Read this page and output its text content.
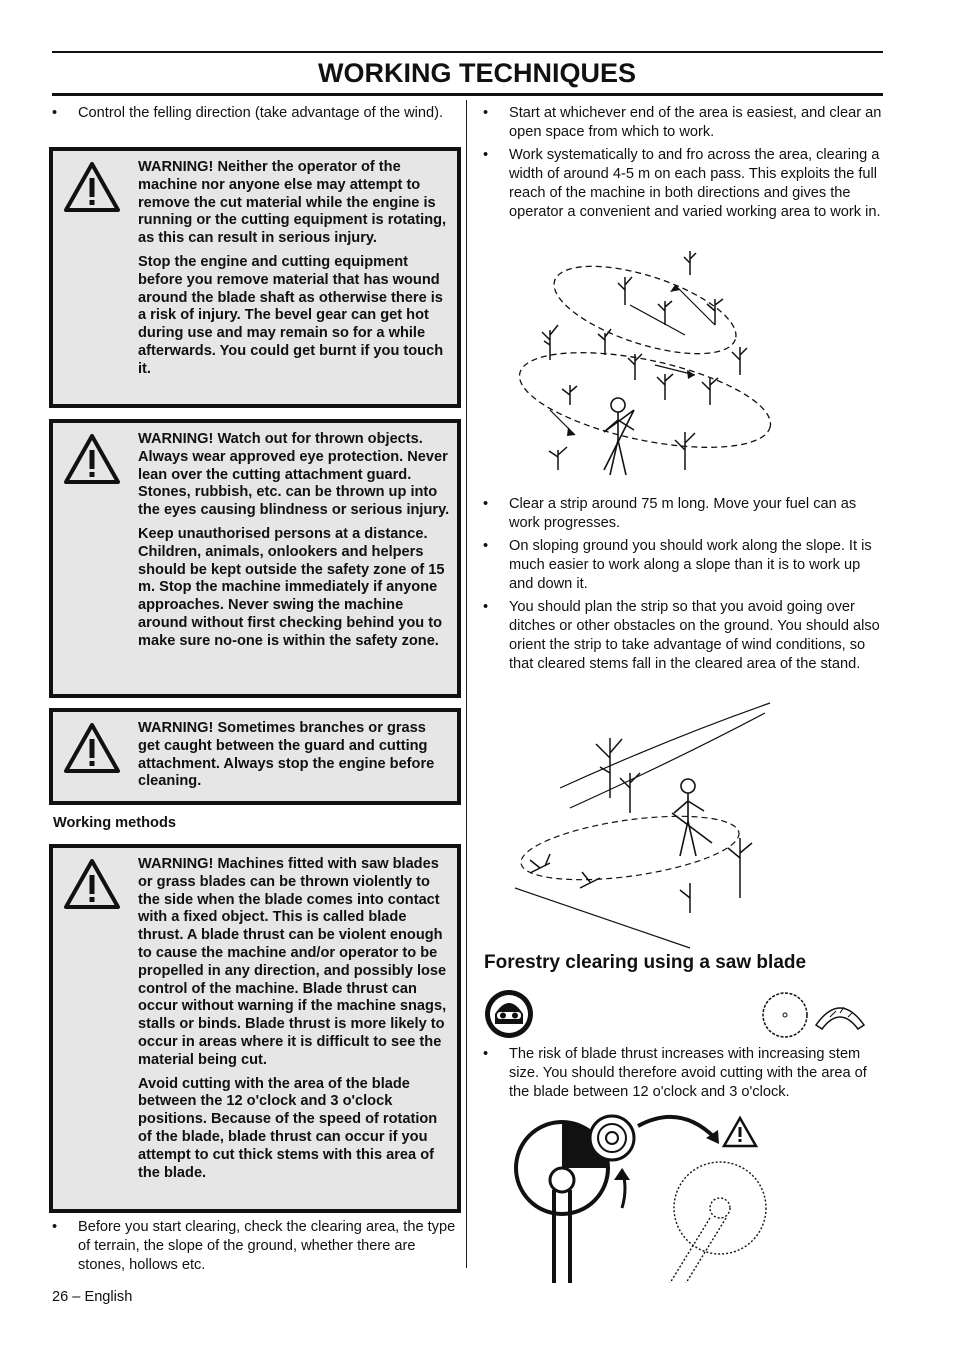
WORKING TECHNIQUES
• Control the felling direction (take advantage of the wind).

WARNING! Neither the operator of the machine nor anyone else may attempt to remove the cut material while the engine is running or the cutting equipment is rotating, as this can result in serious injury.

Stop the engine and cutting equipment before you remove material that has wound around the blade shaft as otherwise there is a risk of injury. The bevel gear can get hot during use and may remain so for a while afterwards. You could get burnt if you touch it.

WARNING! Watch out for thrown objects. Always wear approved eye protection. Never lean over the cutting attachment guard. Stones, rubbish, etc. can be thrown up into the eyes causing blindness or serious injury.

Keep unauthorised persons at a distance. Children, animals, onlookers and helpers should be kept outside the safety zone of 15 m. Stop the machine immediately if anyone approaches. Never swing the machine around without first checking behind you to make sure no-one is within the safety zone.

WARNING! Sometimes branches or grass get caught between the guard and cutting attachment. Always stop the engine before cleaning.

Working methods

WARNING! Machines fitted with saw blades or grass blades can be thrown violently to the side when the blade comes into contact with a fixed object. This is called blade thrust. A blade thrust can be violent enough to cause the machine and/or operator to be propelled in any direction, and possibly lose control of the machine. Blade thrust can occur without warning if the machine snags, stalls or binds. Blade thrust is more likely to occur in areas where it is difficult to see the material being cut.

Avoid cutting with the area of the blade between the 12 o'clock and 3 o'clock positions. Because of the speed of rotation of the blade, blade thrust can occur if you attempt to cut thick stems with this area of the blade.

• Before you start clearing, check the clearing area, the type of terrain, the slope of the ground, whether there are stones, hollows etc.
• Start at whichever end of the area is easiest, and clear an open space from which to work.
• Work systematically to and fro across the area, clearing a width of around 4-5 m on each pass. This exploits the full reach of the machine in both directions and gives the operator a convenient and varied working area to work in.
• Clear a strip around 75 m long. Move your fuel can as work progresses.
• On sloping ground you should work along the slope. It is much easier to work along a slope than it is to work up and down it.
• You should plan the strip so that you avoid going over ditches or other obstacles on the ground. You should also orient the strip to take advantage of wind conditions, so that cleared stems fall in the cleared area of the stand.
Forestry clearing using a saw blade
• The risk of blade thrust increases with increasing stem size. You should therefore avoid cutting with the area of the blade between 12 o'clock and 3 o'clock.
26 – English
